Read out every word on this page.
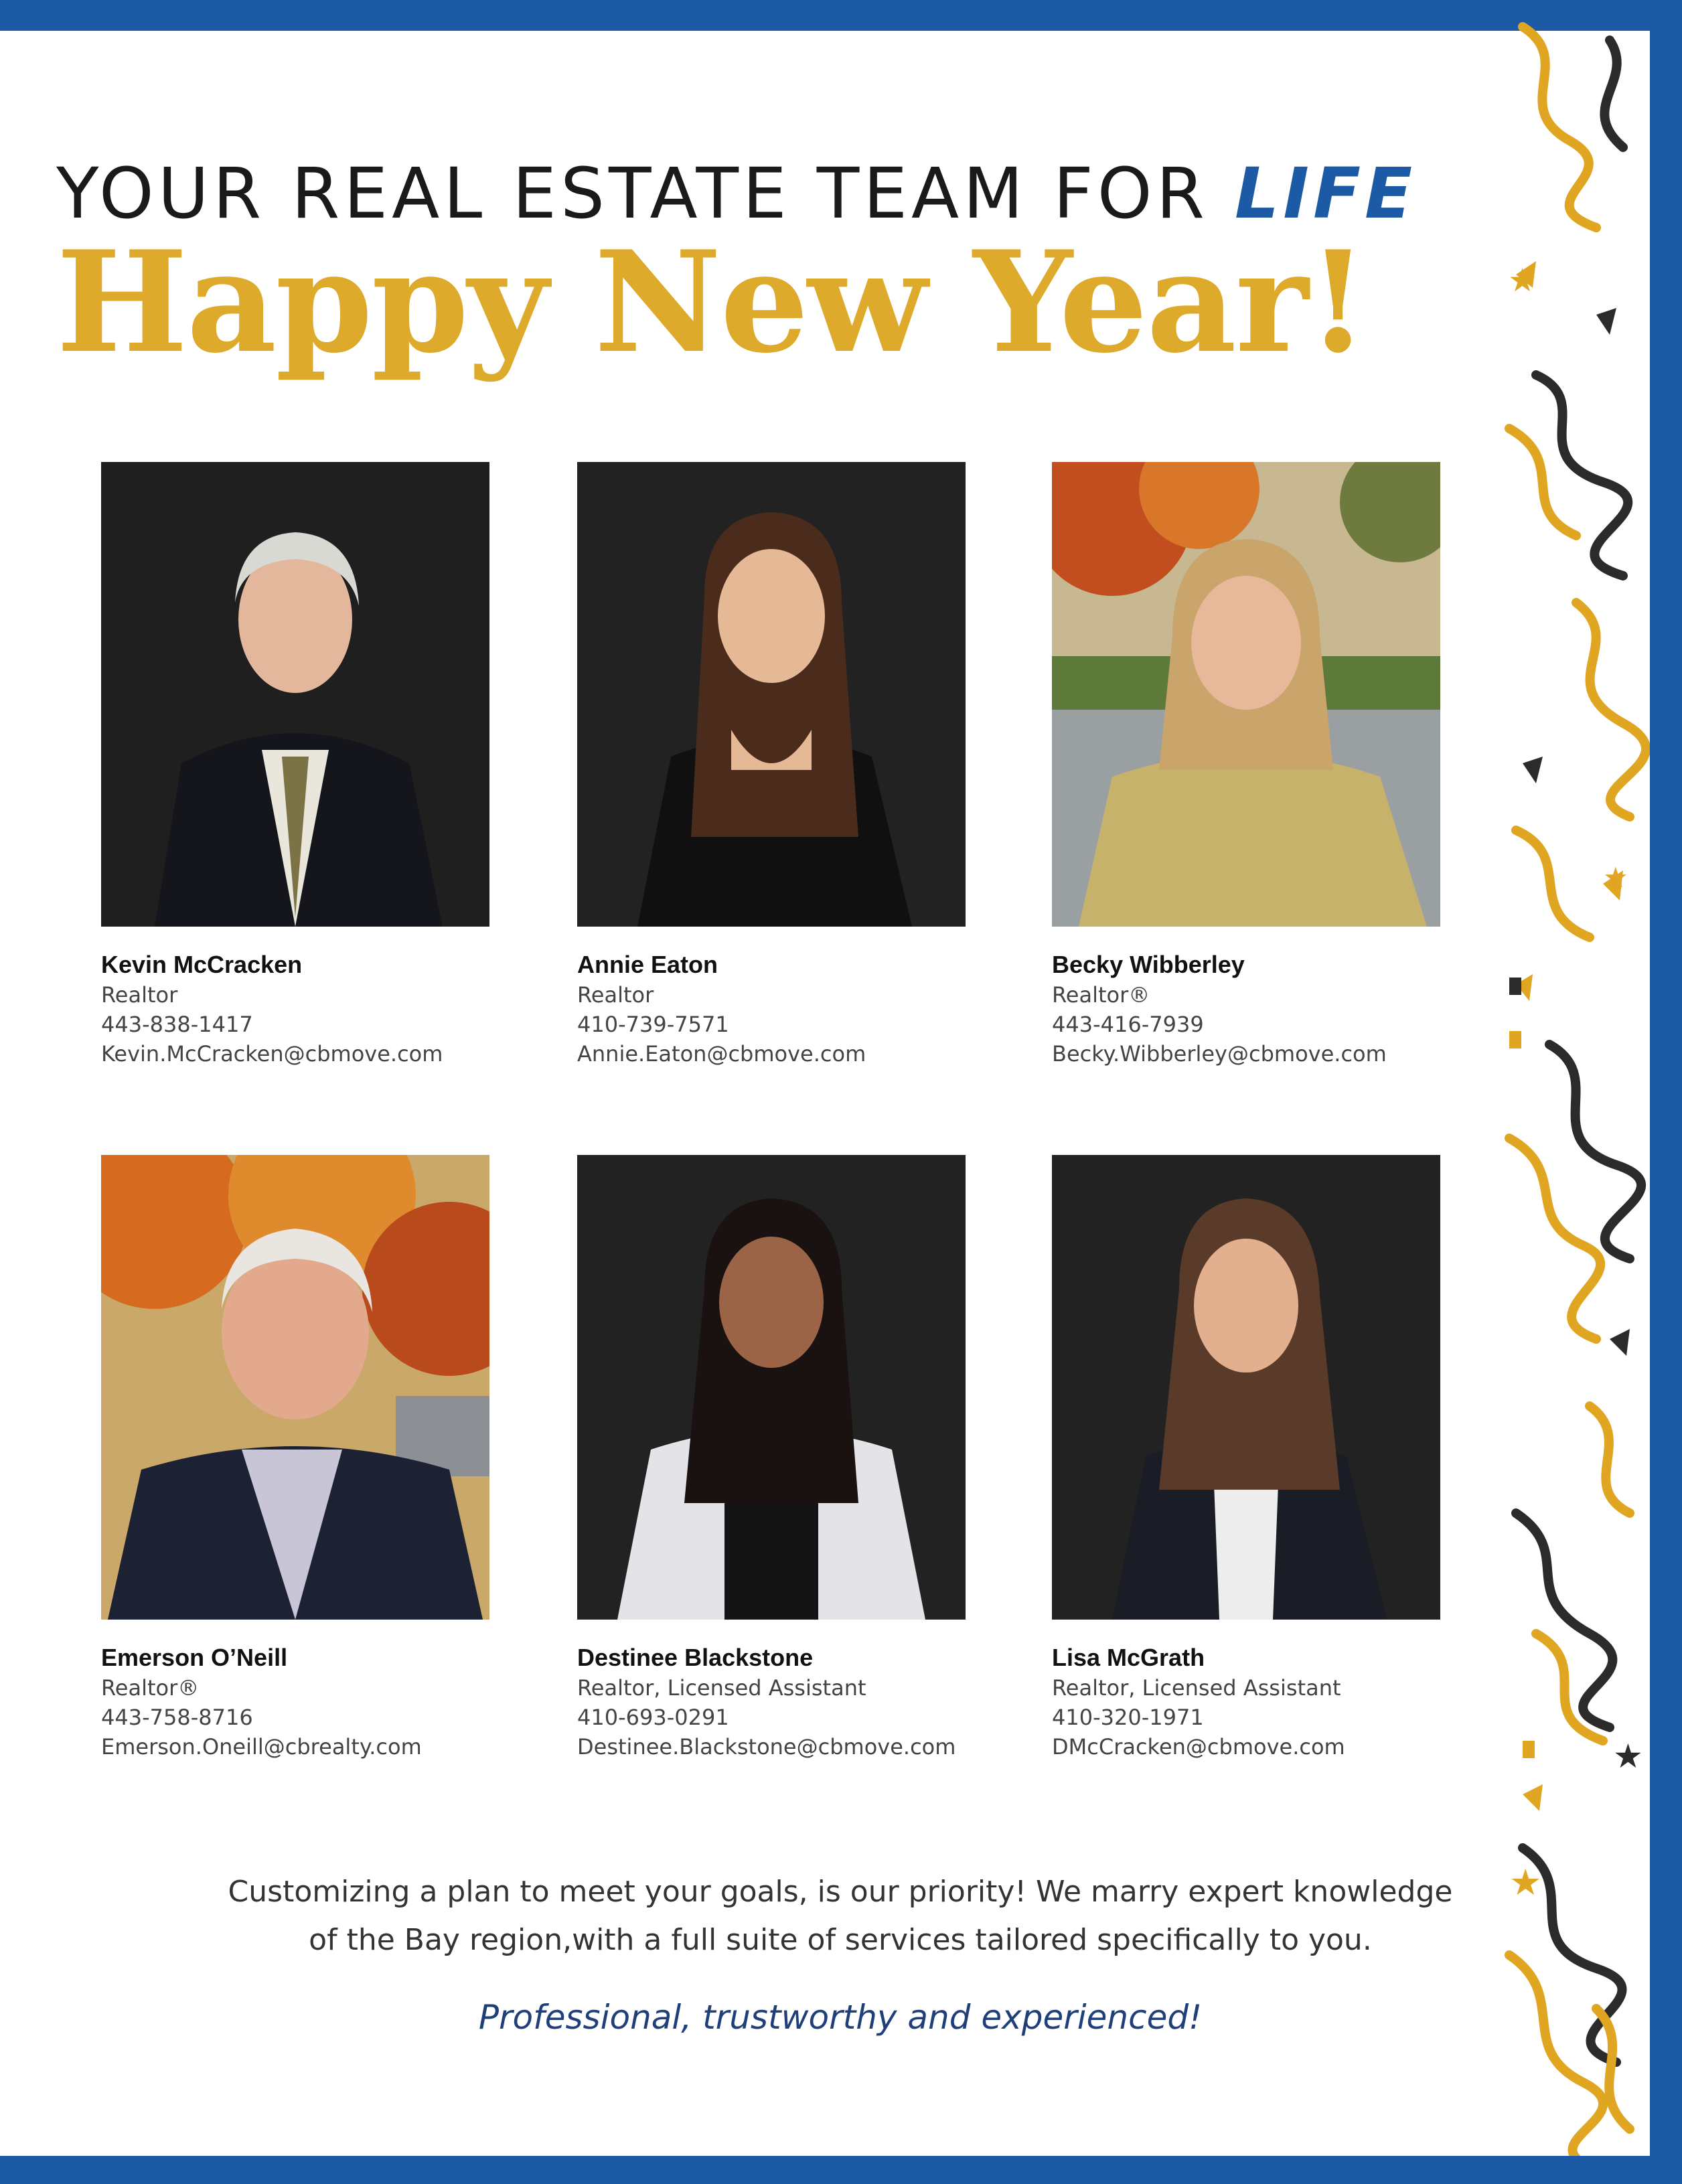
★
★
★
★
YOUR REAL ESTATE TEAM FOR LIFE
Happy New Year!
Kevin McCracken
Realtor
443-838-1417
Kevin.McCracken@cbmove.com
Annie Eaton
Realtor
410-739-7571
Annie.Eaton@cbmove.com
Becky Wibberley
Realtor®
443-416-7939
Becky.Wibberley@cbmove.com
Emerson O’Neill
Realtor®
443-758-8716
Emerson.Oneill@cbrealty.com
Destinee Blackstone
Realtor, Licensed Assistant
410-693-0291
Destinee.Blackstone@cbmove.com
Lisa McGrath
Realtor, Licensed Assistant
410-320-1971
DMcCracken@cbmove.com
Customizing a plan to meet your goals, is our priority! We marry expert knowledge
of the Bay region,with a full suite of services tailored specifically to you.
Professional, trustworthy and experienced!
